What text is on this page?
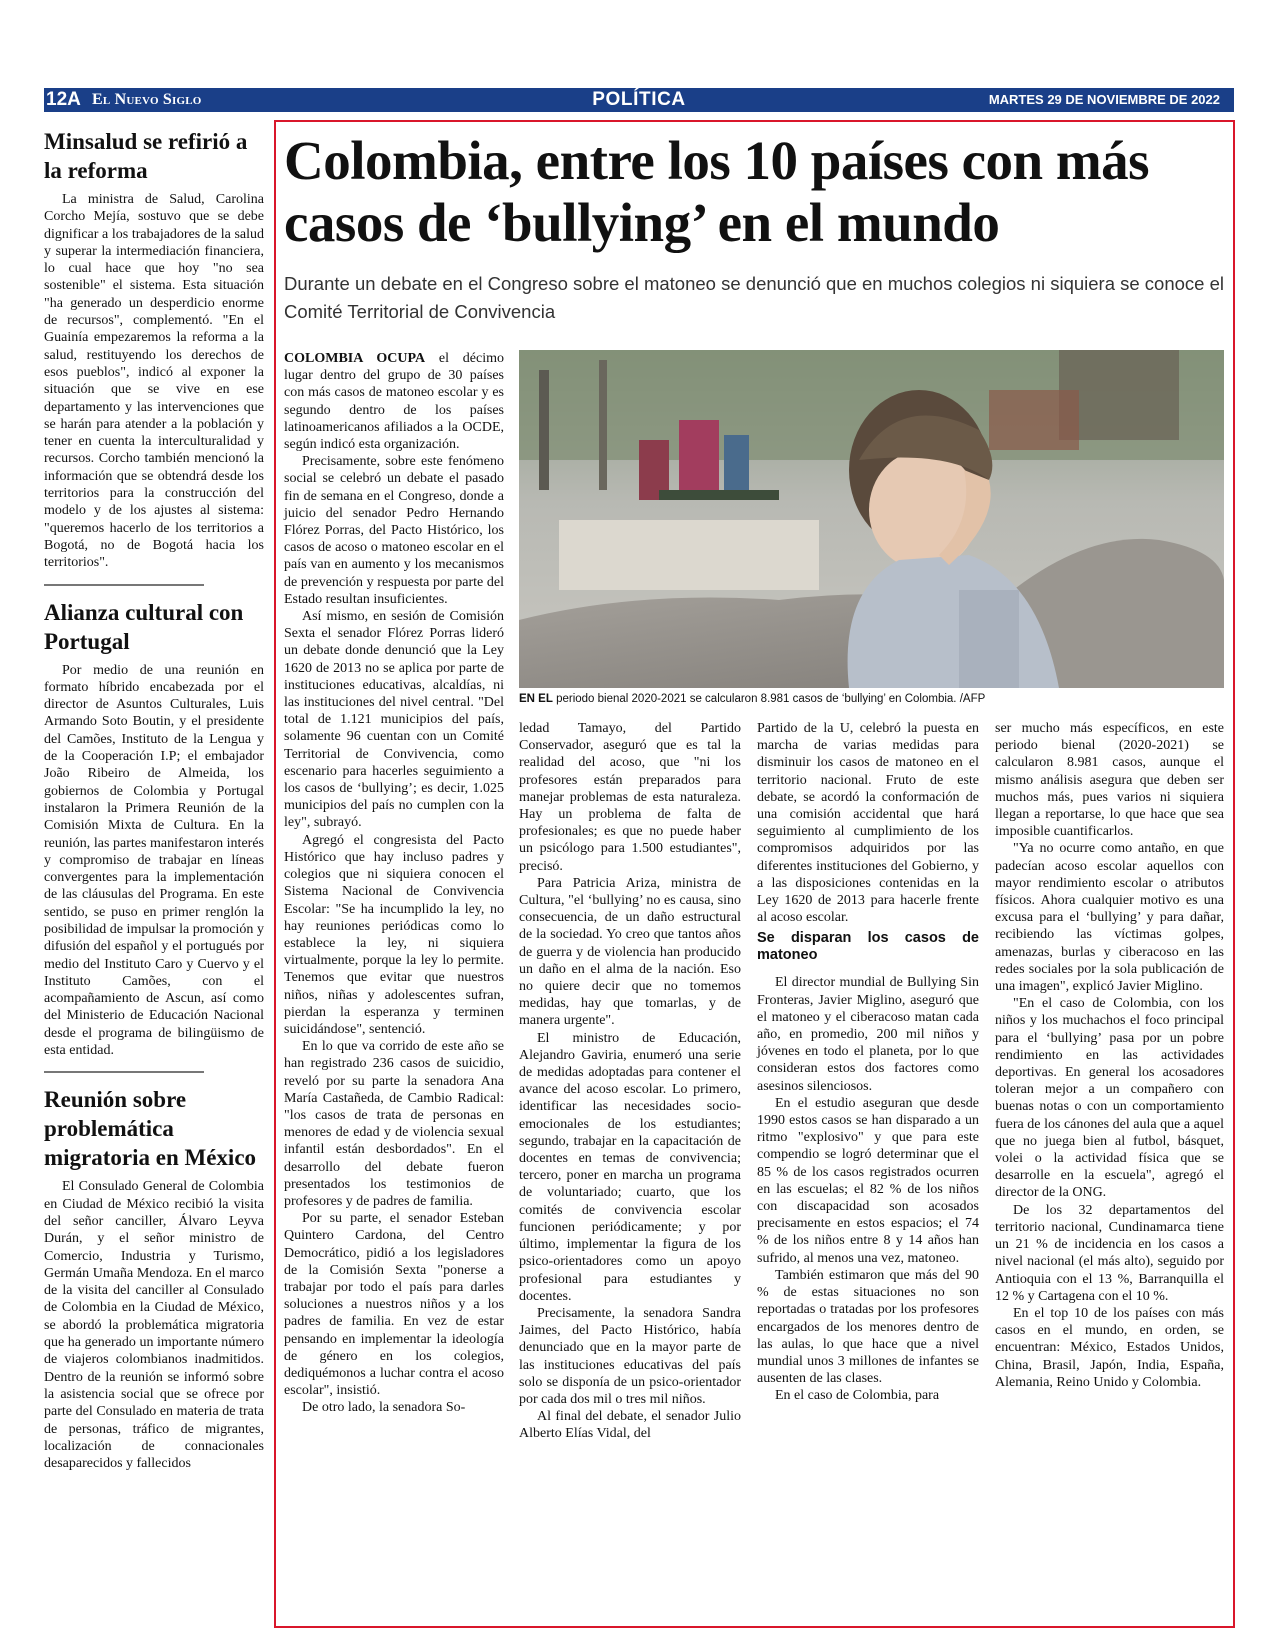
12A El Nuevo Siglo	POLÍTICA	MARTES 29 DE NOVIEMBRE DE 2022
Minsalud se refirió a la reforma

La ministra de Salud, Carolina Corcho Mejía, sostuvo que se debe dignificar a los trabajadores de la salud y superar la intermediación financiera, lo cual hace que hoy "no sea sostenible" el sistema. Esta situación "ha generado un desperdicio enorme de recursos", complementó. "En el Guainía empezaremos la reforma a la salud, restituyendo los derechos de esos pueblos", indicó al exponer la situación que se vive en ese departamento y las intervenciones que se harán para atender a la población y tener en cuenta la interculturalidad y recursos. Corcho también mencionó la información que se obtendrá desde los territorios para la construcción del modelo y de los ajustes al sistema: "queremos hacerlo de los territorios a Bogotá, no de Bogotá hacia los territorios".

Alianza cultural con Portugal

Por medio de una reunión en formato híbrido encabezada por el director de Asuntos Culturales, Luis Armando Soto Boutin, y el presidente del Camões, Instituto de la Lengua y de la Cooperación I.P; el embajador João Ribeiro de Almeida, los gobiernos de Colombia y Portugal instalaron la Primera Reunión de la Comisión Mixta de Cultura. En la reunión, las partes manifestaron interés y compromiso de trabajar en líneas convergentes para la implementación de las cláusulas del Programa. En este sentido, se puso en primer renglón la posibilidad de impulsar la promoción y difusión del español y el portugués por medio del Instituto Caro y Cuervo y el Instituto Camões, con el acompañamiento de Ascun, así como del Ministerio de Educación Nacional desde el programa de bilingüismo de esta entidad.

Reunión sobre problemática migratoria en México

El Consulado General de Colombia en Ciudad de México recibió la visita del señor canciller, Álvaro Leyva Durán, y el señor ministro de Comercio, Industria y Turismo, Germán Umaña Mendoza. En el marco de la visita del canciller al Consulado de Colombia en la Ciudad de México, se abordó la problemática migratoria que ha generado un importante número de viajeros colombianos inadmitidos. Dentro de la reunión se informó sobre la asistencia social que se ofrece por parte del Consulado en materia de trata de personas, tráfico de migrantes, localización de connacionales desaparecidos y fallecidos

Colombia, entre los 10 países con más casos de ‘bullying’ en el mundo

Durante un debate en el Congreso sobre el matoneo se denunció que en muchos colegios ni siquiera se conoce el Comité Territorial de Convivencia

EN EL periodo bienal 2020-2021 se calcularon 8.981 casos de ‘bullying’ en Colombia. /AFP

COLOMBIA OCUPA el décimo lugar dentro del grupo de 30 países con más casos de matoneo escolar y es segundo dentro de los países latinoamericanos afiliados a la OCDE, según indicó esta organización.

Precisamente, sobre este fenómeno social se celebró un debate el pasado fin de semana en el Congreso, donde a juicio del senador Pedro Hernando Flórez Porras, del Pacto Histórico, los casos de acoso o matoneo escolar en el país van en aumento y los mecanismos de prevención y respuesta por parte del Estado resultan insuficientes.

Así mismo, en sesión de Comisión Sexta el senador Flórez Porras lideró un debate donde denunció que la Ley 1620 de 2013 no se aplica por parte de instituciones educativas, alcaldías, ni las instituciones del nivel central. "Del total de 1.121 municipios del país, solamente 96 cuentan con un Comité Territorial de Convivencia, como escenario para hacerles seguimiento a los casos de ‘bullying’; es decir, 1.025 municipios del país no cumplen con la ley", subrayó.

Agregó el congresista del Pacto Histórico que hay incluso padres y colegios que ni siquiera conocen el Sistema Nacional de Convivencia Escolar: "Se ha incumplido la ley, no hay reuniones periódicas como lo establece la ley, ni siquiera virtualmente, porque la ley lo permite. Tenemos que evitar que nuestros niños, niñas y adolescentes sufran, pierdan la esperanza y terminen suicidándose", sentenció.

En lo que va corrido de este año se han registrado 236 casos de suicidio, reveló por su parte la senadora Ana María Castañeda, de Cambio Radical: "los casos de trata de personas en menores de edad y de violencia sexual infantil están desbordados". En el desarrollo del debate fueron presentados los testimonios de profesores y de padres de familia.

Por su parte, el senador Esteban Quintero Cardona, del Centro Democrático, pidió a los legisladores de la Comisión Sexta "ponerse a trabajar por todo el país para darles soluciones a nuestros niños y a los padres de familia. En vez de estar pensando en implementar la ideología de género en los colegios, dediquémonos a luchar contra el acoso escolar", insistió.

De otro lado, la senadora So-

ledad Tamayo, del Partido Conservador, aseguró que es tal la realidad del acoso, que "ni los profesores están preparados para manejar problemas de esta naturaleza. Hay un problema de falta de profesionales; es que no puede haber un psicólogo para 1.500 estudiantes", precisó.

Para Patricia Ariza, ministra de Cultura, "el ‘bullying’ no es causa, sino consecuencia, de un daño estructural de la sociedad. Yo creo que tantos años de guerra y de violencia han producido un daño en el alma de la nación. Eso no quiere decir que no tomemos medidas, hay que tomarlas, y de manera urgente".

El ministro de Educación, Alejandro Gaviria, enumeró una serie de medidas adoptadas para contener el avance del acoso escolar. Lo primero, identificar las necesidades socio-emocionales de los estudiantes; segundo, trabajar en la capacitación de docentes en temas de convivencia; tercero, poner en marcha un programa de voluntariado; cuarto, que los comités de convivencia escolar funcionen periódicamente; y por último, implementar la figura de los psico-orientadores como un apoyo profesional para estudiantes y docentes.

Precisamente, la senadora Sandra Jaimes, del Pacto Histórico, había denunciado que en la mayor parte de las instituciones educativas del país solo se disponía de un psico-orientador por cada dos mil o tres mil niños.

Al final del debate, el senador Julio Alberto Elías Vidal, del

Partido de la U, celebró la puesta en marcha de varias medidas para disminuir los casos de matoneo en el territorio nacional. Fruto de este debate, se acordó la conformación de una comisión accidental que hará seguimiento al cumplimiento de los compromisos adquiridos por las diferentes instituciones del Gobierno, y a las disposiciones contenidas en la Ley 1620 de 2013 para hacerle frente al acoso escolar.

Se disparan los casos de matoneo

El director mundial de Bullying Sin Fronteras, Javier Miglino, aseguró que el matoneo y el ciberacoso matan cada año, en promedio, 200 mil niños y jóvenes en todo el planeta, por lo que consideran estos dos factores como asesinos silenciosos.

En el estudio aseguran que desde 1990 estos casos se han disparado a un ritmo "explosivo" y que para este compendio se logró determinar que el 85 % de los casos registrados ocurren en las escuelas; el 82 % de los niños con discapacidad son acosados precisamente en estos espacios; el 74 % de los niños entre 8 y 14 años han sufrido, al menos una vez, matoneo.

También estimaron que más del 90 % de estas situaciones no son reportadas o tratadas por los profesores encargados de los menores dentro de las aulas, lo que hace que a nivel mundial unos 3 millones de infantes se ausenten de las clases.

En el caso de Colombia, para

ser mucho más específicos, en este periodo bienal (2020-2021) se calcularon 8.981 casos, aunque el mismo análisis asegura que deben ser muchos más, pues varios ni siquiera llegan a reportarse, lo que hace que sea imposible cuantificarlos.

"Ya no ocurre como antaño, en que padecían acoso escolar aquellos con mayor rendimiento escolar o atributos físicos. Ahora cualquier motivo es una excusa para el ‘bullying’ y para dañar, recibiendo las víctimas golpes, amenazas, burlas y ciberacoso en las redes sociales por la sola publicación de una imagen", explicó Javier Miglino.

"En el caso de Colombia, con los niños y los muchachos el foco principal para el ‘bullying’ pasa por un pobre rendimiento en las actividades deportivas. En general los acosadores toleran mejor a un compañero con buenas notas o con un comportamiento fuera de los cánones del aula que a aquel que no juega bien al futbol, básquet, volei o la actividad física que se desarrolle en la escuela", agregó el director de la ONG.

De los 32 departamentos del territorio nacional, Cundinamarca tiene un 21 % de incidencia en los casos a nivel nacional (el más alto), seguido por Antioquia con el 13 %, Barranquilla el 12 % y Cartagena con el 10 %.

En el top 10 de los países con más casos en el mundo, en orden, se encuentran: México, Estados Unidos, China, Brasil, Japón, India, España, Alemania, Reino Unido y Colombia.
